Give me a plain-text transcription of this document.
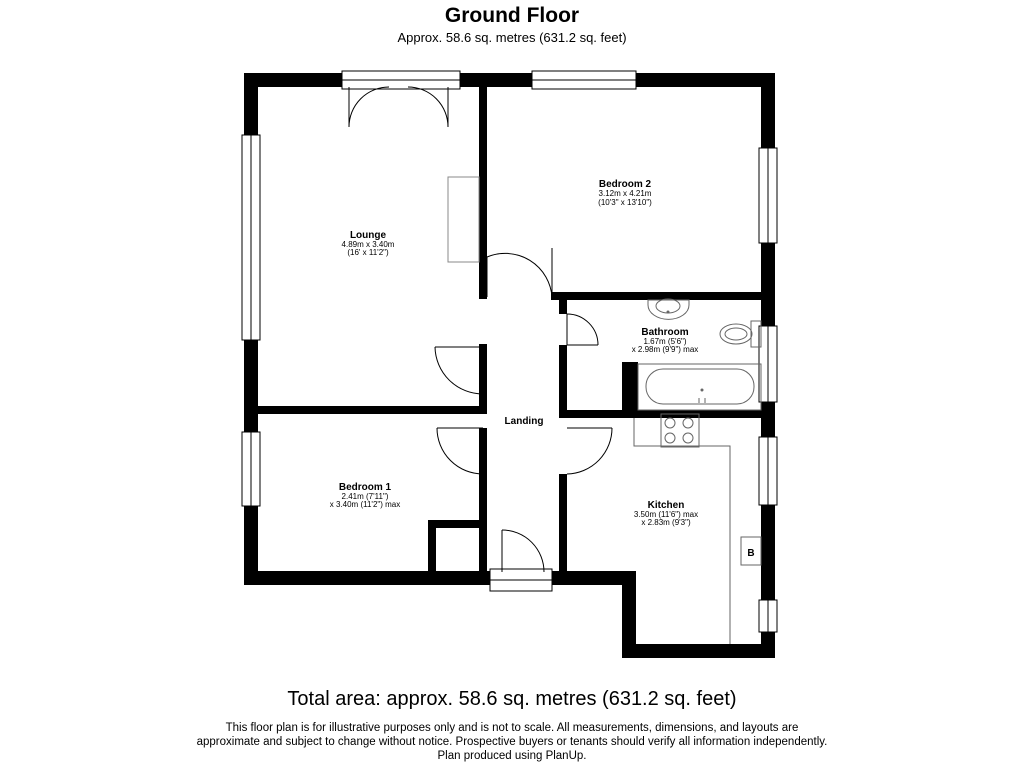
Ground Floor
Approx. 58.6 sq. metres (631.2 sq. feet)
B
Lounge
4.89m x 3.40m
(16' x 11'2")
Bedroom 2
3.12m x 4.21m
(10'3" x 13'10")
Bathroom
1.67m (5'6")
x 2.98m (9'9") max
Landing
Bedroom 1
2.41m (7'11")
x 3.40m (11'2") max	Kitchen
3.50m (11'6") max
x 2.83m (9'3")
Total area: approx. 58.6 sq. metres (631.2 sq. feet)
This floor plan is for illustrative purposes only and is not to scale. All measurements, dimensions, and layouts are
approximate and subject to change without notice. Prospective buyers or tenants should verify all information independently.
Plan produced using PlanUp.
